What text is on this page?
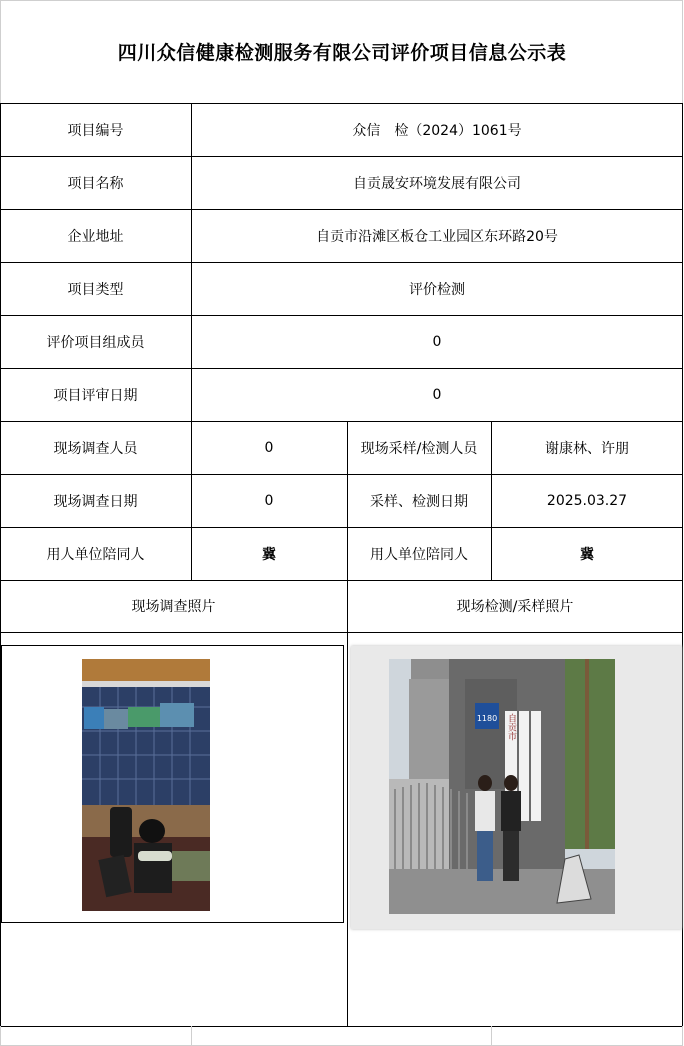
四川众信健康检测服务有限公司评价项目信息公示表
项目编号	众信　检（2024）1061号
项目名称	自贡晟安环境发展有限公司
企业地址	自贡市沿滩区板仓工业园区东环路20号
项目类型	评价检测
评价项目组成员	0
项目评审日期	0
现场调查人员	0	现场采样/检测人员	谢康林、许朋
现场调查日期	0	采样、检测日期	2025.03.27
用人单位陪同人	冀	用人单位陪同人	冀
现场调查照片	现场检测/采样照片
1180 自贡市
